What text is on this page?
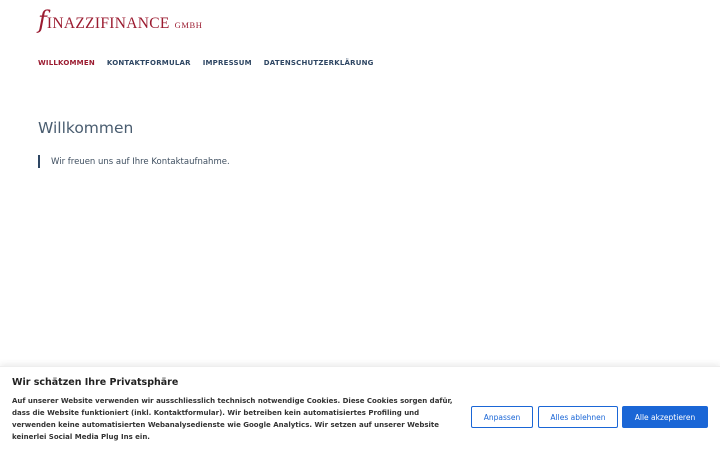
f INAZZIFINANCE GMBH
WILLKOMMEN KONTAKTFORMULAR IMPRESSUM DATENSCHUTZERKLÄRUNG
Willkommen
Wir freuen uns auf Ihre Kontaktaufnahme.
Wir schätzen Ihre Privatsphäre
Auf unserer Website verwenden wir ausschliesslich technisch notwendige Cookies. Diese Cookies sorgen dafür, dass die Website funktioniert (inkl. Kontaktformular). Wir betreiben kein automatisiertes Profiling und verwenden keine automatisierten Webanalysedienste wie Google Analytics. Wir setzen auf unserer Website keinerlei Social Media Plug Ins ein.
Anpassen	Alles ablehnen	Alle akzeptieren
